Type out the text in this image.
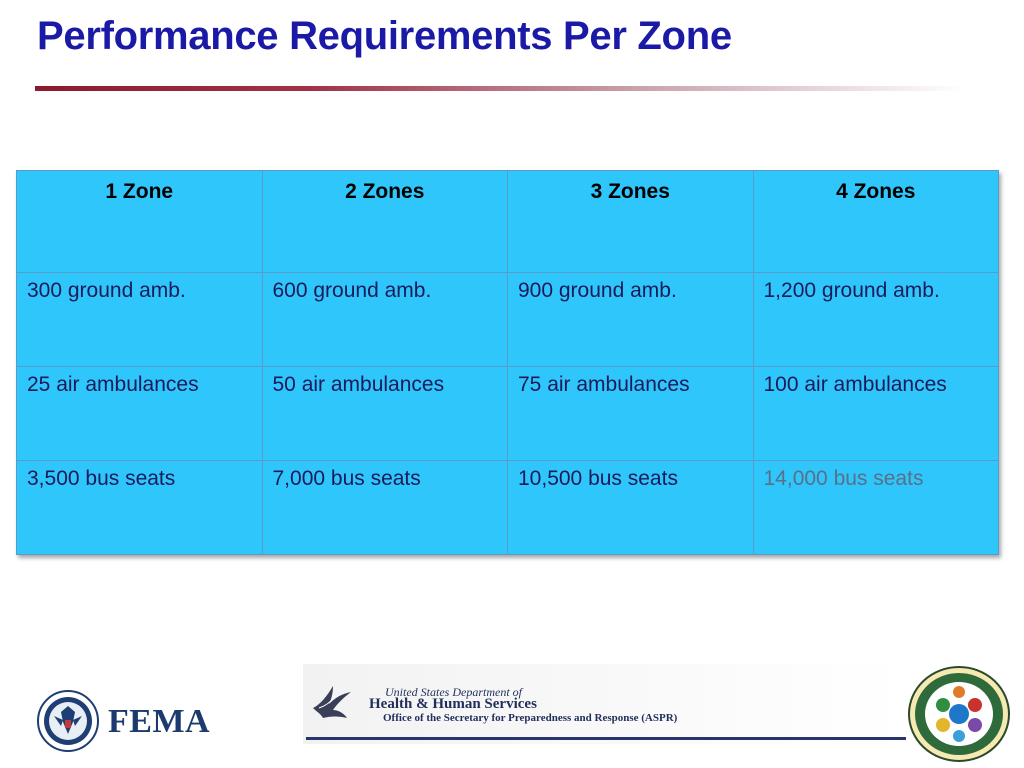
Performance Requirements Per Zone
1 Zone	2 Zones	3 Zones	4 Zones
300 ground amb.	600 ground amb.	900 ground amb.	1,200 ground amb.
25 air ambulances	50 air ambulances	75 air ambulances	100 air ambulances
3,500 bus seats	7,000 bus seats	10,500 bus seats	14,000 bus seats
FEMA
United States Department of
Health & Human Services
Office of the Secretary for Preparedness and Response (ASPR)
